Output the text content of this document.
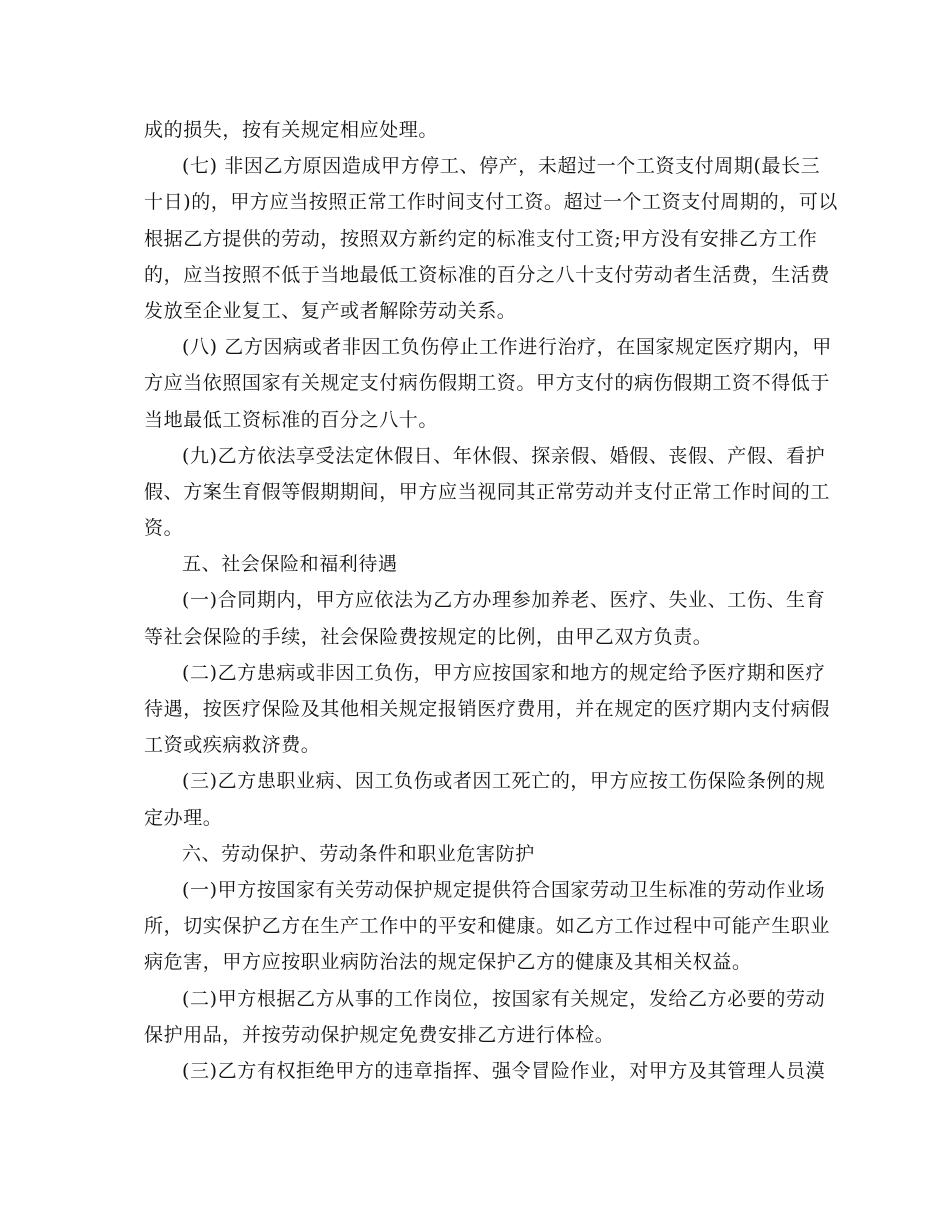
成的损失，按有关规定相应处理。
(七) 非因乙方原因造成甲方停工、停产，未超过一个工资支付周期(最长三
十日)的，甲方应当按照正常工作时间支付工资。超过一个工资支付周期的，可以
根据乙方提供的劳动，按照双方新约定的标准支付工资;甲方没有安排乙方工作
的，应当按照不低于当地最低工资标准的百分之八十支付劳动者生活费，生活费
发放至企业复工、复产或者解除劳动关系。
(八) 乙方因病或者非因工负伤停止工作进行治疗，在国家规定医疗期内，甲
方应当依照国家有关规定支付病伤假期工资。甲方支付的病伤假期工资不得低于
当地最低工资标准的百分之八十。
(九)乙方依法享受法定休假日、年休假、探亲假、婚假、丧假、产假、看护
假、方案生育假等假期期间，甲方应当视同其正常劳动并支付正常工作时间的工
资。
五、社会保险和福利待遇
(一)合同期内，甲方应依法为乙方办理参加养老、医疗、失业、工伤、生育
等社会保险的手续，社会保险费按规定的比例，由甲乙双方负责。
(二)乙方患病或非因工负伤，甲方应按国家和地方的规定给予医疗期和医疗
待遇，按医疗保险及其他相关规定报销医疗费用，并在规定的医疗期内支付病假
工资或疾病救济费。
(三)乙方患职业病、因工负伤或者因工死亡的，甲方应按工伤保险条例的规
定办理。
六、劳动保护、劳动条件和职业危害防护
(一)甲方按国家有关劳动保护规定提供符合国家劳动卫生标准的劳动作业场
所，切实保护乙方在生产工作中的平安和健康。如乙方工作过程中可能产生职业
病危害，甲方应按职业病防治法的规定保护乙方的健康及其相关权益。
(二)甲方根据乙方从事的工作岗位，按国家有关规定，发给乙方必要的劳动
保护用品，并按劳动保护规定免费安排乙方进行体检。
(三)乙方有权拒绝甲方的违章指挥、强令冒险作业，对甲方及其管理人员漠
